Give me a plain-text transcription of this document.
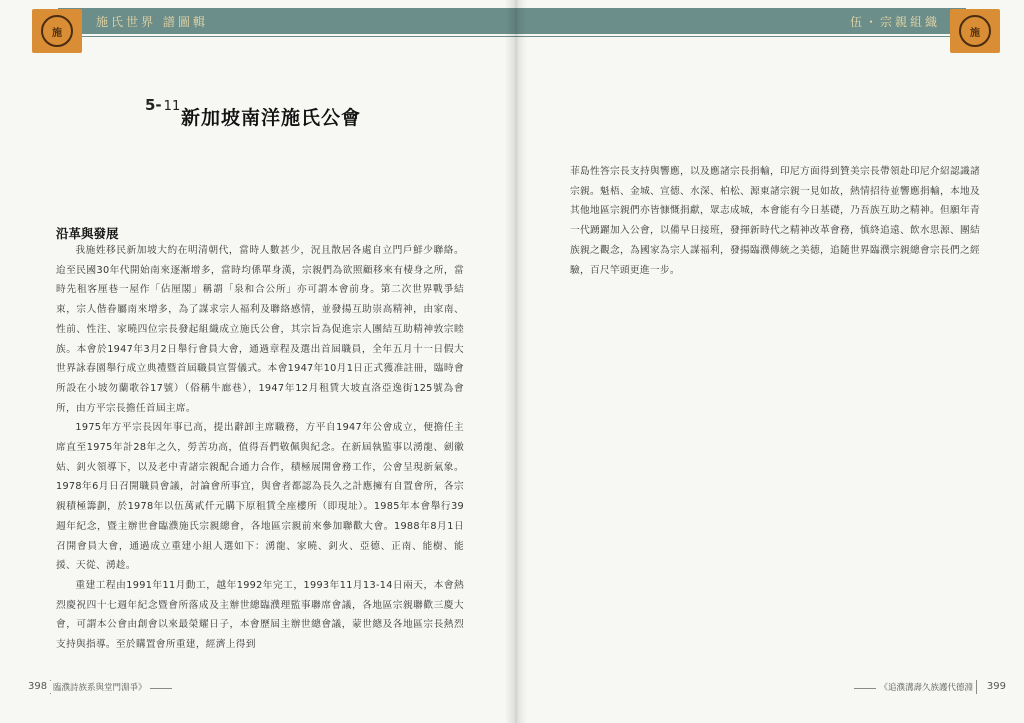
施
施氏世界 譜圖輯
5- 11
新加坡南洋施氏公會
沿革與發展

我施姓移民新加坡大約在明清朝代，當時人數甚少，況且散居各處自立門戶鮮少聯絡。迨至民國30年代開始南來逐漸增多，當時均係單身漢，宗親們為欲照顧移來有棲身之所，當時先租客厘巷一屋作「佔厘閣」稱謂「泉和合公所」亦可謂本會前身。第二次世界戰爭結束，宗人偕眷屬南來增多，為了謀求宗人福利及聯絡感情，並發揚互助崇高精神，由家南、性前、性注、家曉四位宗長發起組織成立施氏公會，其宗旨為促進宗人團結互助精神敦宗睦族。本會於1947年3月2日舉行會員大會，通過章程及選出首屆職員，全年五月十一日假大世界詠春園舉行成立典禮暨首屆職員宣誓儀式。本會1947年10月1日正式獲准註冊，臨時會所設在小坡勿蘭歌谷17號）（俗稱牛廊巷），1947年12月租賃大坡直洛亞逸街125號為會所，由方平宗長擔任首屆主席。

1975年方平宗長因年事已高，提出辭卸主席職務，方平自1947年公會成立，便擔任主席直至1975年計28年之久，勞苦功高，值得吾們敬佩與紀念。在新屆執監事以湧龍、劍徽姑、釗火領導下，以及老中青諸宗親配合通力合作，積極展開會務工作，公會呈現新氣象。1978年6月日召開職員會議，討論會所事宜，與會者都認為長久之計應擁有自置會所，各宗親積極籌劃，於1978年以伍萬貳仟元購下原租賃全座樓所（即現址）。1985年本會舉行39週年紀念，暨主辦世會臨濮施氏宗親總會，各地區宗親前來參加聯歡大會。1988年8月1日召開會員大會，通過成立重建小組人選如下：湧龍、家曉、釗火、亞德、正南、能樹、能援、天從、湧趁。

重建工程由1991年11月動工，越年1992年完工，1993年11月13-14日兩天，本會熱烈慶祝四十七週年紀念暨會所落成及主辦世總臨濮理監事聯席會議，各地區宗親聯歡三慶大會，可謂本公會由創會以來最榮耀日子，本會歷屆主辦世總會議，蒙世總及各地區宗長熱烈支持與指導。至於購置會所重建，經濟上得到

398 臨濮詩族系與堂門淵爭》
施
伍・宗親組織

菲島性答宗長支持與響應，以及應諸宗長捐輸，印尼方面得到贊美宗長帶領赴印尼介紹認識諸宗親。魁梧、金城、宣德、水深、柏松、源東諸宗親一見如故，熱情招待並響應捐輸，本地及其他地區宗親們亦皆慷慨捐獻，眾志成城，本會能有今日基礎，乃吾族互助之精神。但願年青一代踴躍加入公會，以備早日接班，發揮新時代之精神改革會務，慎終追遠、飲水思源、團結族親之觀念，為國家為宗人謀福利，發揚臨濮傳統之美德，追隨世界臨濮宗親總會宗長們之經驗，百尺竿頭更進一步。

399
《追濮溝壽久族護代德淵
